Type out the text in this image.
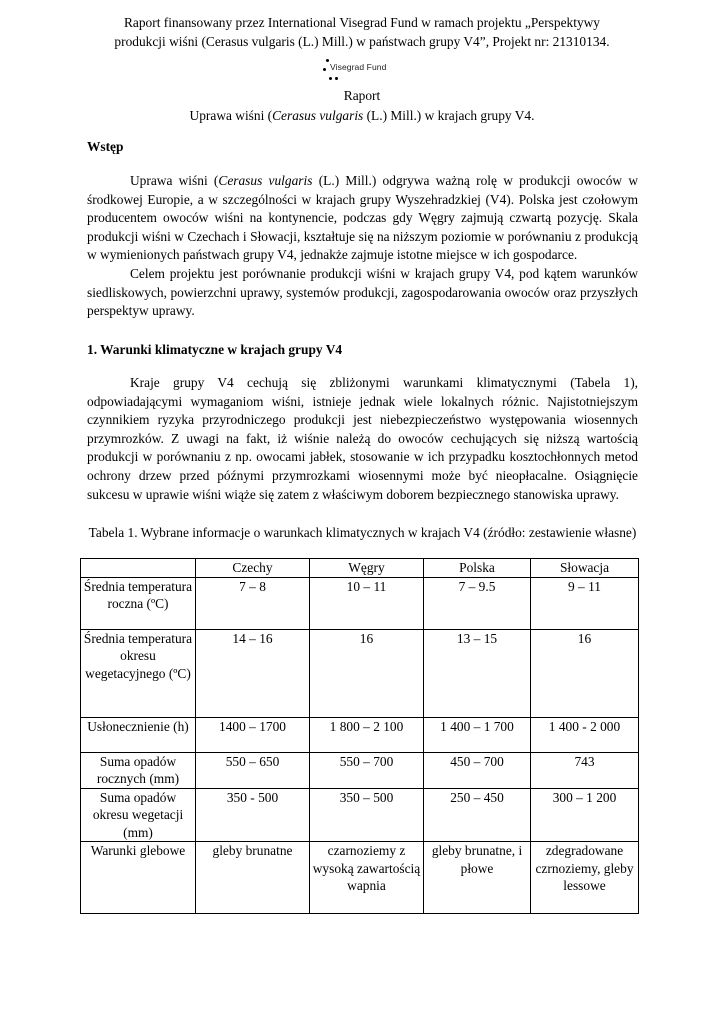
Raport finansowany przez International Visegrad Fund w ramach projektu „Perspektywy
produkcji wiśni (Cerasus vulgaris (L.) Mill.) w państwach grupy V4”, Projekt nr: 21310134.
Visegrad Fund
Raport
Uprawa wiśni (Cerasus vulgaris (L.) Mill.) w krajach grupy V4.
Wstęp

Uprawa wiśni (Cerasus vulgaris (L.) Mill.) odgrywa ważną rolę w produkcji owoców w środkowej Europie, a w szczególności w krajach grupy Wyszehradzkiej (V4). Polska jest czołowym producentem owoców wiśni na kontynencie, podczas gdy Węgry zajmują czwartą pozycję. Skala produkcji wiśni w Czechach i Słowacji, kształtuje się na niższym poziomie w porównaniu z produkcją w wymienionych państwach grupy V4, jednakże zajmuje istotne miejsce w ich gospodarce.

Celem projektu jest porównanie produkcji wiśni w krajach grupy V4, pod kątem warunków siedliskowych, powierzchni uprawy, systemów produkcji, zagospodarowania owoców oraz przyszłych perspektyw uprawy.

1. Warunki klimatyczne w krajach grupy V4

Kraje grupy V4 cechują się zbliżonymi warunkami klimatycznymi (Tabela 1), odpowiadającymi wymaganiom wiśni, istnieje jednak wiele lokalnych różnic. Najistotniejszym czynnikiem ryzyka przyrodniczego produkcji jest niebezpieczeństwo występowania wiosennych przymrozków. Z uwagi na fakt, iż wiśnie należą do owoców cechujących się niższą wartością produkcji w porównaniu z np. owocami jabłek, stosowanie w ich przypadku kosztochłonnych metod ochrony drzew przed późnymi przymrozkami wiosennymi może być nieopłacalne. Osiągnięcie sukcesu w uprawie wiśni wiąże się zatem z właściwym doborem bezpiecznego stanowiska uprawy.

Tabela 1. Wybrane informacje o warunkach klimatycznych w krajach V4 (źródło: zestawienie własne)
	Czechy	Węgry	Polska	Słowacja
Średnia temperatura roczna (ºC)	7 – 8	10 – 11	7 – 9.5	9 – 11
Średnia temperatura okresu wegetacyjnego (ºC)	14 – 16	16	13 – 15	16
Usłonecznienie (h)	1400 – 1700	1 800 – 2 100	1 400 – 1 700	1 400 - 2 000
Suma opadów rocznych (mm)	550 – 650	550 – 700	450 – 700	743
Suma opadów okresu wegetacji (mm)	350 - 500	350 – 500	250 – 450	300 – 1 200
Warunki glebowe	gleby brunatne	czarnoziemy z wysoką zawartością wapnia	gleby brunatne, i płowe	zdegradowane czrnoziemy, gleby lessowe
